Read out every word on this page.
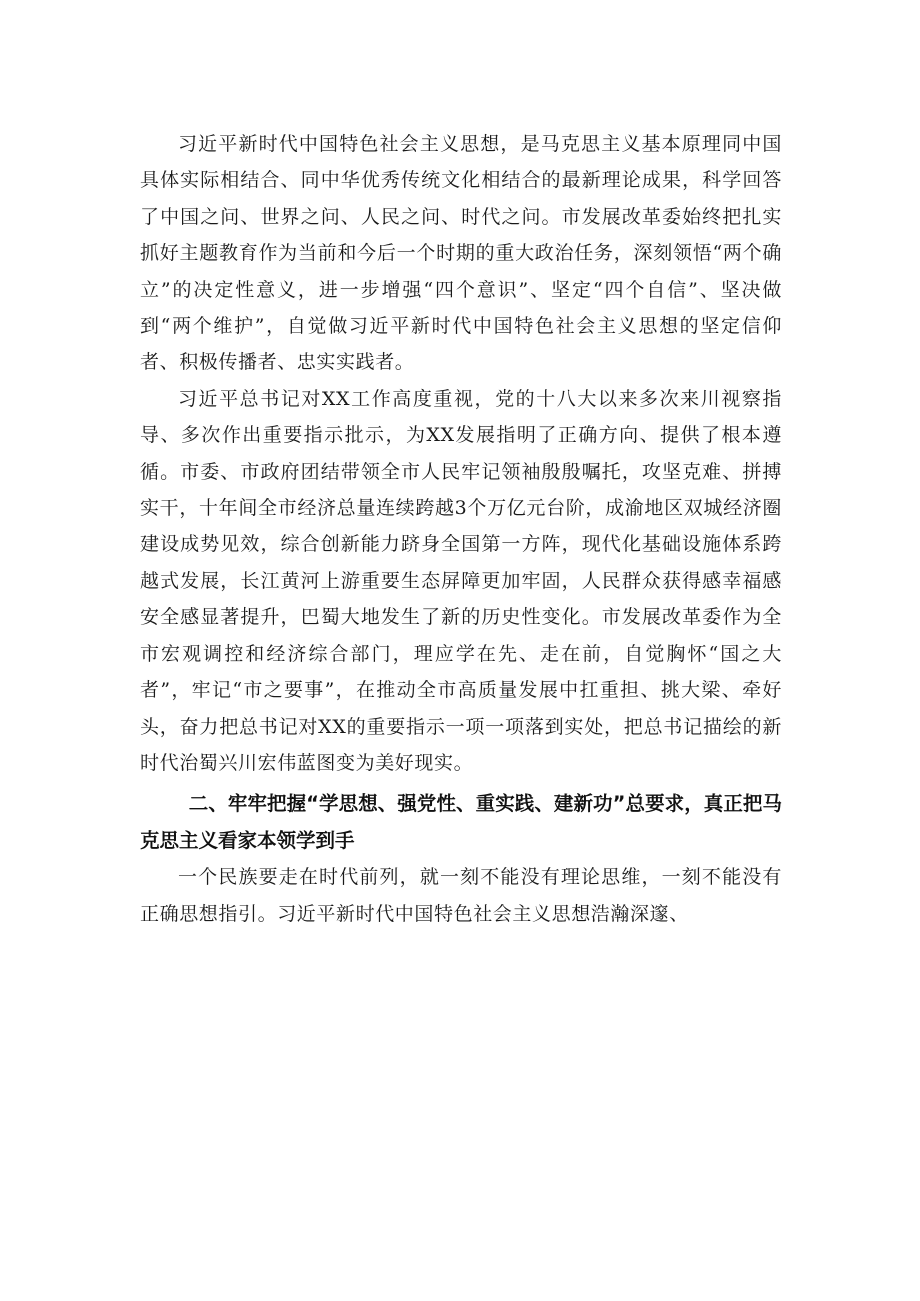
习近平新时代中国特色社会主义思想，是马克思主义基本原理同中国具体实际相结合、同中华优秀传统文化相结合的最新理论成果，科学回答了中国之问、世界之问、人民之问、时代之问。市发展改革委始终把扎实抓好主题教育作为当前和今后一个时期的重大政治任务，深刻领悟“两个确立”的决定性意义，进一步增强“四个意识”、坚定“四个自信”、坚决做到“两个维护”，自觉做习近平新时代中国特色社会主义思想的坚定信仰者、积极传播者、忠实实践者。

习近平总书记对XX工作高度重视，党的十八大以来多次来川视察指导、多次作出重要指示批示，为XX发展指明了正确方向、提供了根本遵循。市委、市政府团结带领全市人民牢记领袖殷殷嘱托，攻坚克难、拼搏实干，十年间全市经济总量连续跨越3个万亿元台阶，成渝地区双城经济圈建设成势见效，综合创新能力跻身全国第一方阵，现代化基础设施体系跨越式发展，长江黄河上游重要生态屏障更加牢固，人民群众获得感幸福感安全感显著提升，巴蜀大地发生了新的历史性变化。市发展改革委作为全市宏观调控和经济综合部门，理应学在先、走在前，自觉胸怀“国之大者”，牢记“市之要事”，在推动全市高质量发展中扛重担、挑大梁、牵好头，奋力把总书记对XX的重要指示一项一项落到实处，把总书记描绘的新时代治蜀兴川宏伟蓝图变为美好现实。

二、牢牢把握“学思想、强党性、重实践、建新功”总要求，真正把马克思主义看家本领学到手

一个民族要走在时代前列，就一刻不能没有理论思维，一刻不能没有正确思想指引。习近平新时代中国特色社会主义思想浩瀚深邃、
